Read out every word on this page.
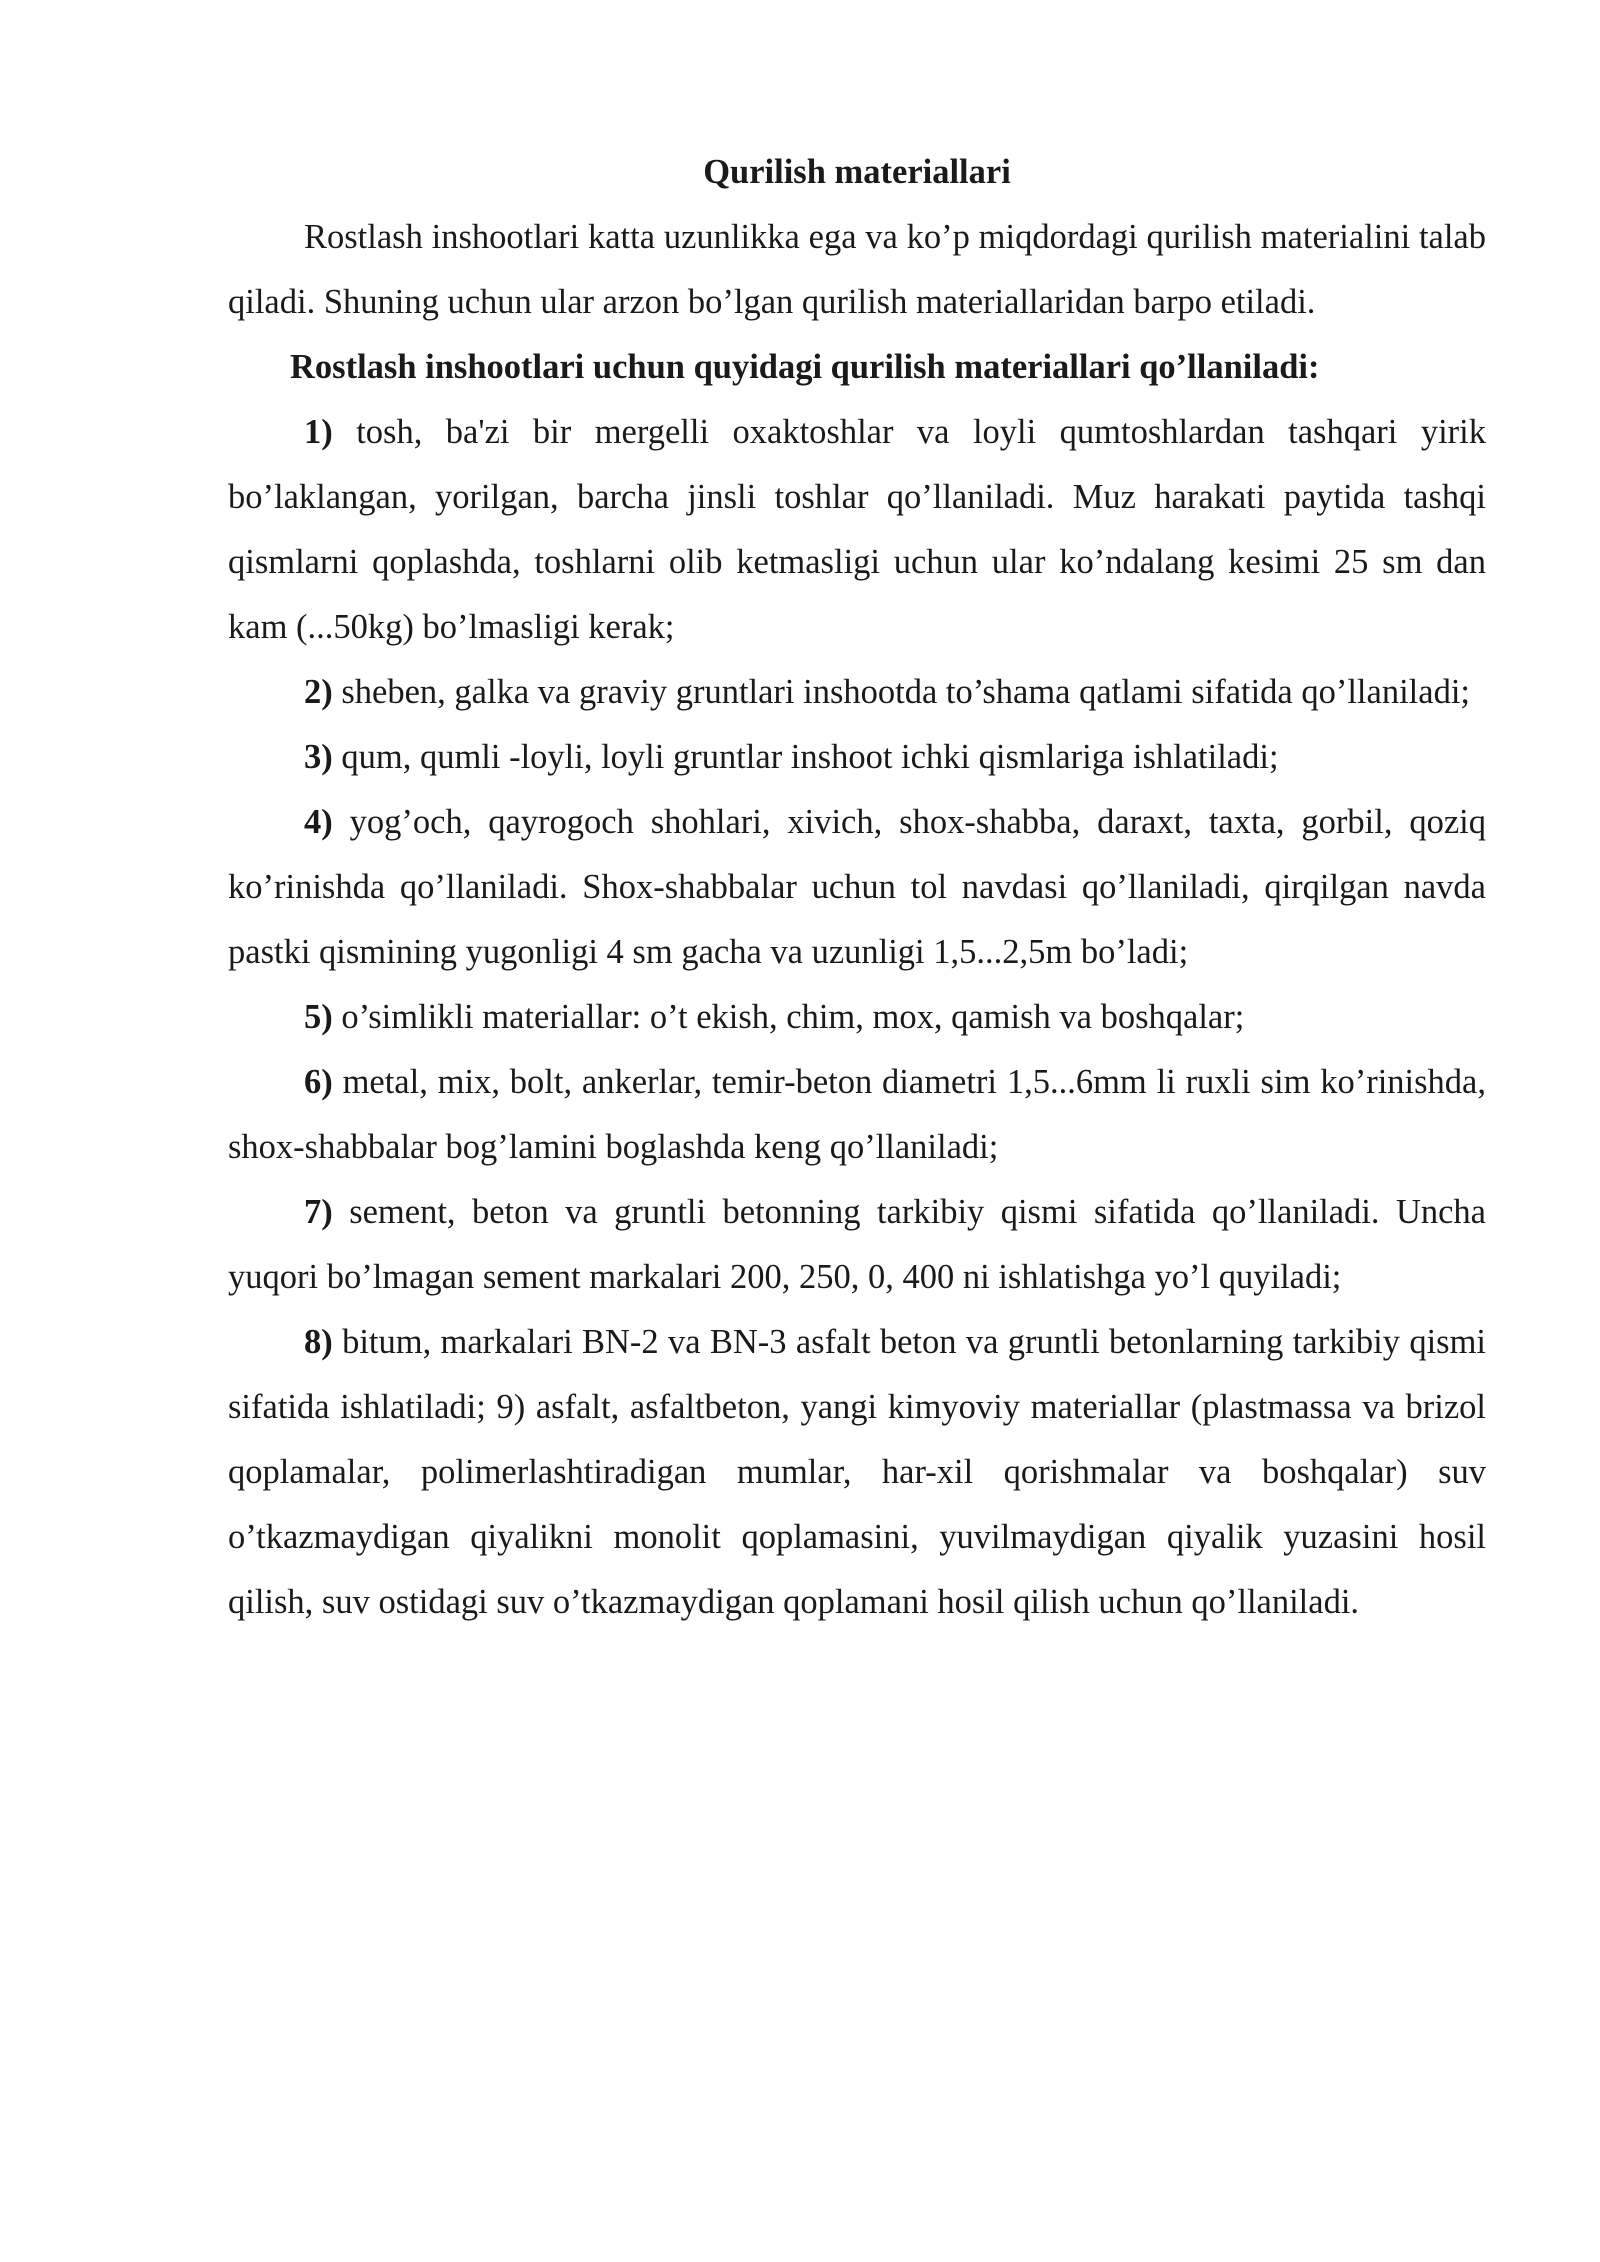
Qurilish materiallari

Rostlash inshootlari katta uzunlikka ega va ko’p miqdordagi qurilish materialini talab qiladi. Shuning uchun ular arzon bo’lgan qurilish materiallaridan barpo etiladi.

Rostlash inshootlari uchun quyidagi qurilish materiallari qo’llaniladi:

1) tosh, ba'zi bir mergelli oxaktoshlar va loyli qumtoshlardan tashqari yirik bo’laklangan, yorilgan, barcha jinsli toshlar qo’llaniladi. Muz harakati paytida tashqi qismlarni qoplashda, toshlarni olib ketmasligi uchun ular ko’ndalang kesimi 25 sm dan kam (...50kg) bo’lmasligi kerak;

2) sheben, galka va graviy gruntlari inshootda to’shama qatlami sifatida qo’llaniladi;

3) qum, qumli -loyli, loyli gruntlar inshoot ichki qismlariga ishlatiladi;

4) yog’och, qayrogoch shohlari, xivich, shox-shabba, daraxt, taxta, gorbil, qoziq ko’rinishda qo’llaniladi. Shox-shabbalar uchun tol navdasi qo’llaniladi, qirqilgan navda pastki qismining yugonligi 4 sm gacha va uzunligi 1,5...2,5m bo’ladi;

5) o’simlikli materiallar: o’t ekish, chim, mox, qamish va boshqalar;

6) metal, mix, bolt, ankerlar, temir-beton diametri 1,5...6mm li ruxli sim ko’rinishda, shox-shabbalar bog’lamini boglashda keng qo’llaniladi;

7) sement, beton va gruntli betonning tarkibiy qismi sifatida qo’llaniladi. Uncha yuqori bo’lmagan sement markalari 200, 250, 0, 400 ni ishlatishga yo’l quyiladi;

8) bitum, markalari BN-2 va BN-3 asfalt beton va gruntli betonlarning tarkibiy qismi sifatida ishlatiladi; 9) asfalt, asfaltbeton, yangi kimyoviy materiallar (plastmassa va brizol qoplamalar, polimerlashtiradigan mumlar, har-xil qorishmalar va boshqalar) suv o’tkazmaydigan qiyalikni monolit qoplamasini, yuvilmaydigan qiyalik yuzasini hosil qilish, suv ostidagi suv o’tkazmaydigan qoplamani hosil qilish uchun qo’llaniladi.
